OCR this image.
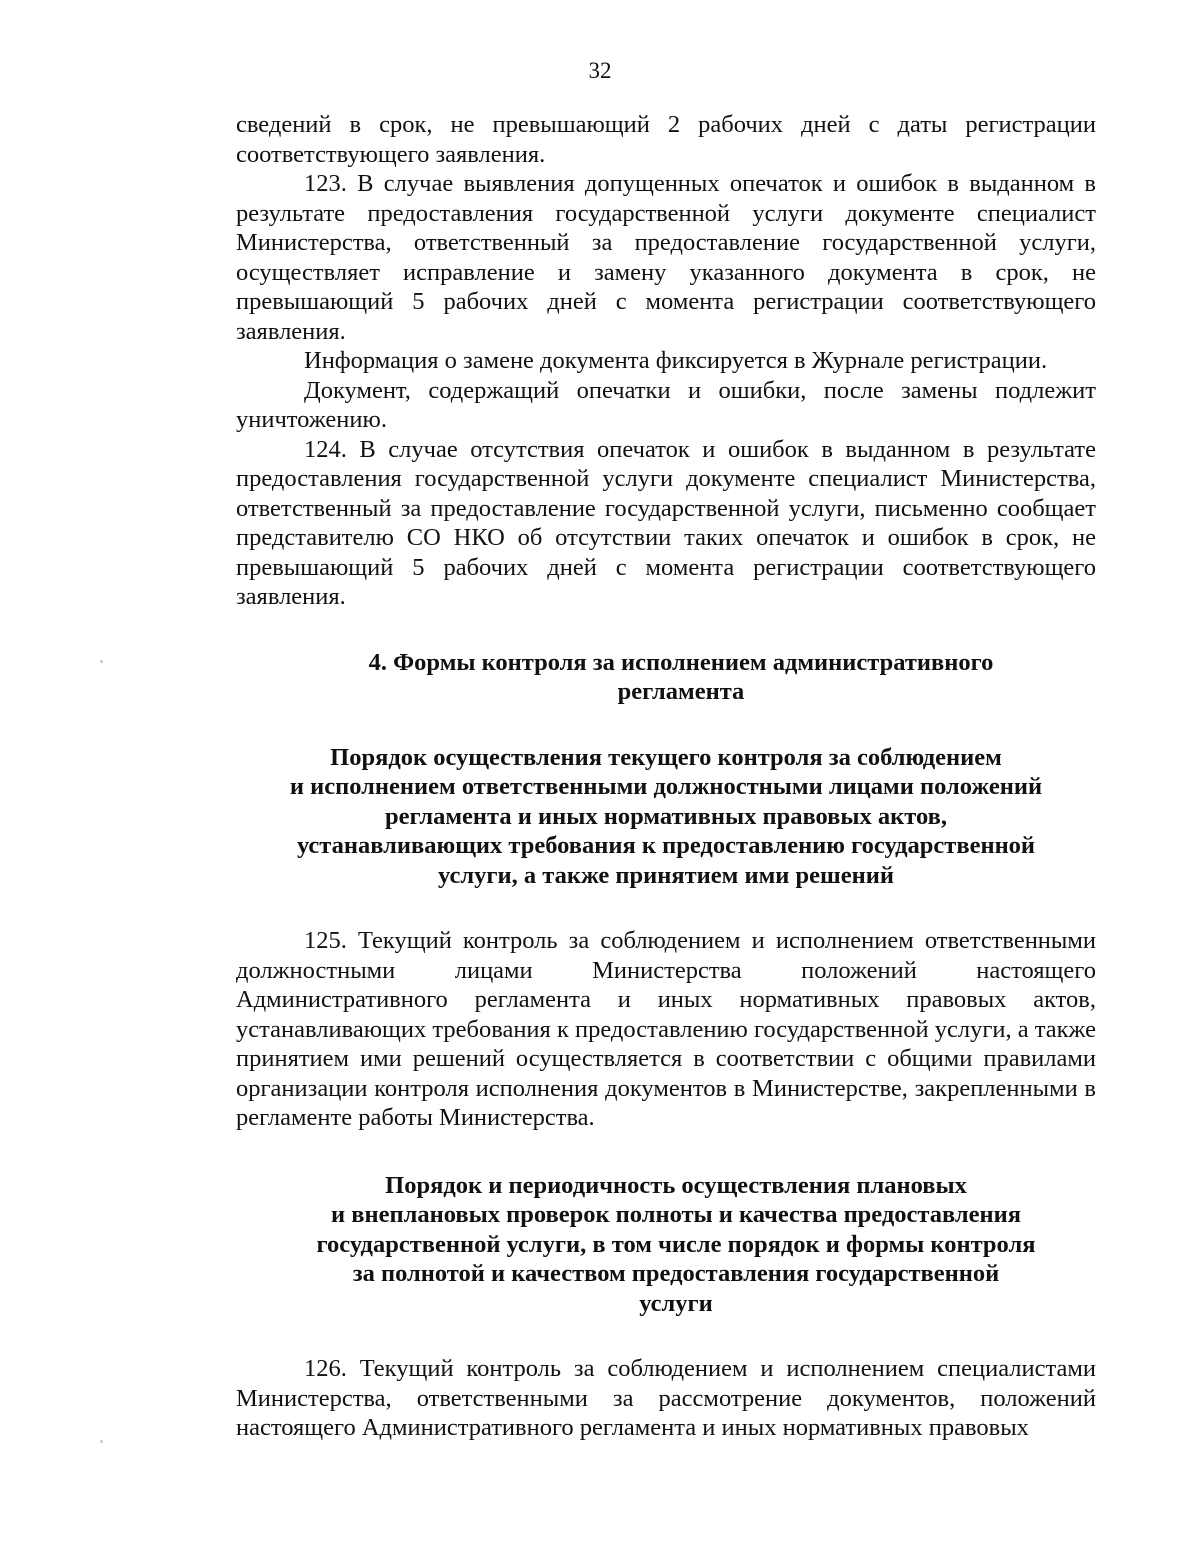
32

сведений в срок, не превышающий 2 рабочих дней с даты регистрации соответствующего заявления.

123. В случае выявления допущенных опечаток и ошибок в выданном в результате предоставления государственной услуги документе специалист Министерства, ответственный за предоставление государственной услуги, осуществляет исправление и замену указанного документа в срок, не превышающий 5 рабочих дней с момента регистрации соответствующего заявления.

Информация о замене документа фиксируется в Журнале регистрации.

Документ, содержащий опечатки и ошибки, после замены подлежит уничтожению.

124. В случае отсутствия опечаток и ошибок в выданном в результате предоставления государственной услуги документе специалист Министерства, ответственный за предоставление государственной услуги, письменно сообщает представителю СО НКО об отсутствии таких опечаток и ошибок в срок, не превышающий 5 рабочих дней с момента регистрации соответствующего заявления.

4. Формы контроля за исполнением административного
регламента
Порядок осуществления текущего контроля за соблюдением
и исполнением ответственными должностными лицами положений
регламента и иных нормативных правовых актов,
устанавливающих требования к предоставлению государственной
услуги, а также принятием ими решений

125. Текущий контроль за соблюдением и исполнением ответственными должностными лицами Министерства положений настоящего Административного регламента и иных нормативных правовых актов, устанавливающих требования к предоставлению государственной услуги, а также принятием ими решений осуществляется в соответствии с общими правилами организации контроля исполнения документов в Министерстве, закрепленными в регламенте работы Министерства.

Порядок и периодичность осуществления плановых
и внеплановых проверок полноты и качества предоставления
государственной услуги, в том числе порядок и формы контроля
за полнотой и качеством предоставления государственной
услуги

126. Текущий контроль за соблюдением и исполнением специалистами Министерства, ответственными за рассмотрение документов, положений настоящего Административного регламента и иных нормативных правовых
